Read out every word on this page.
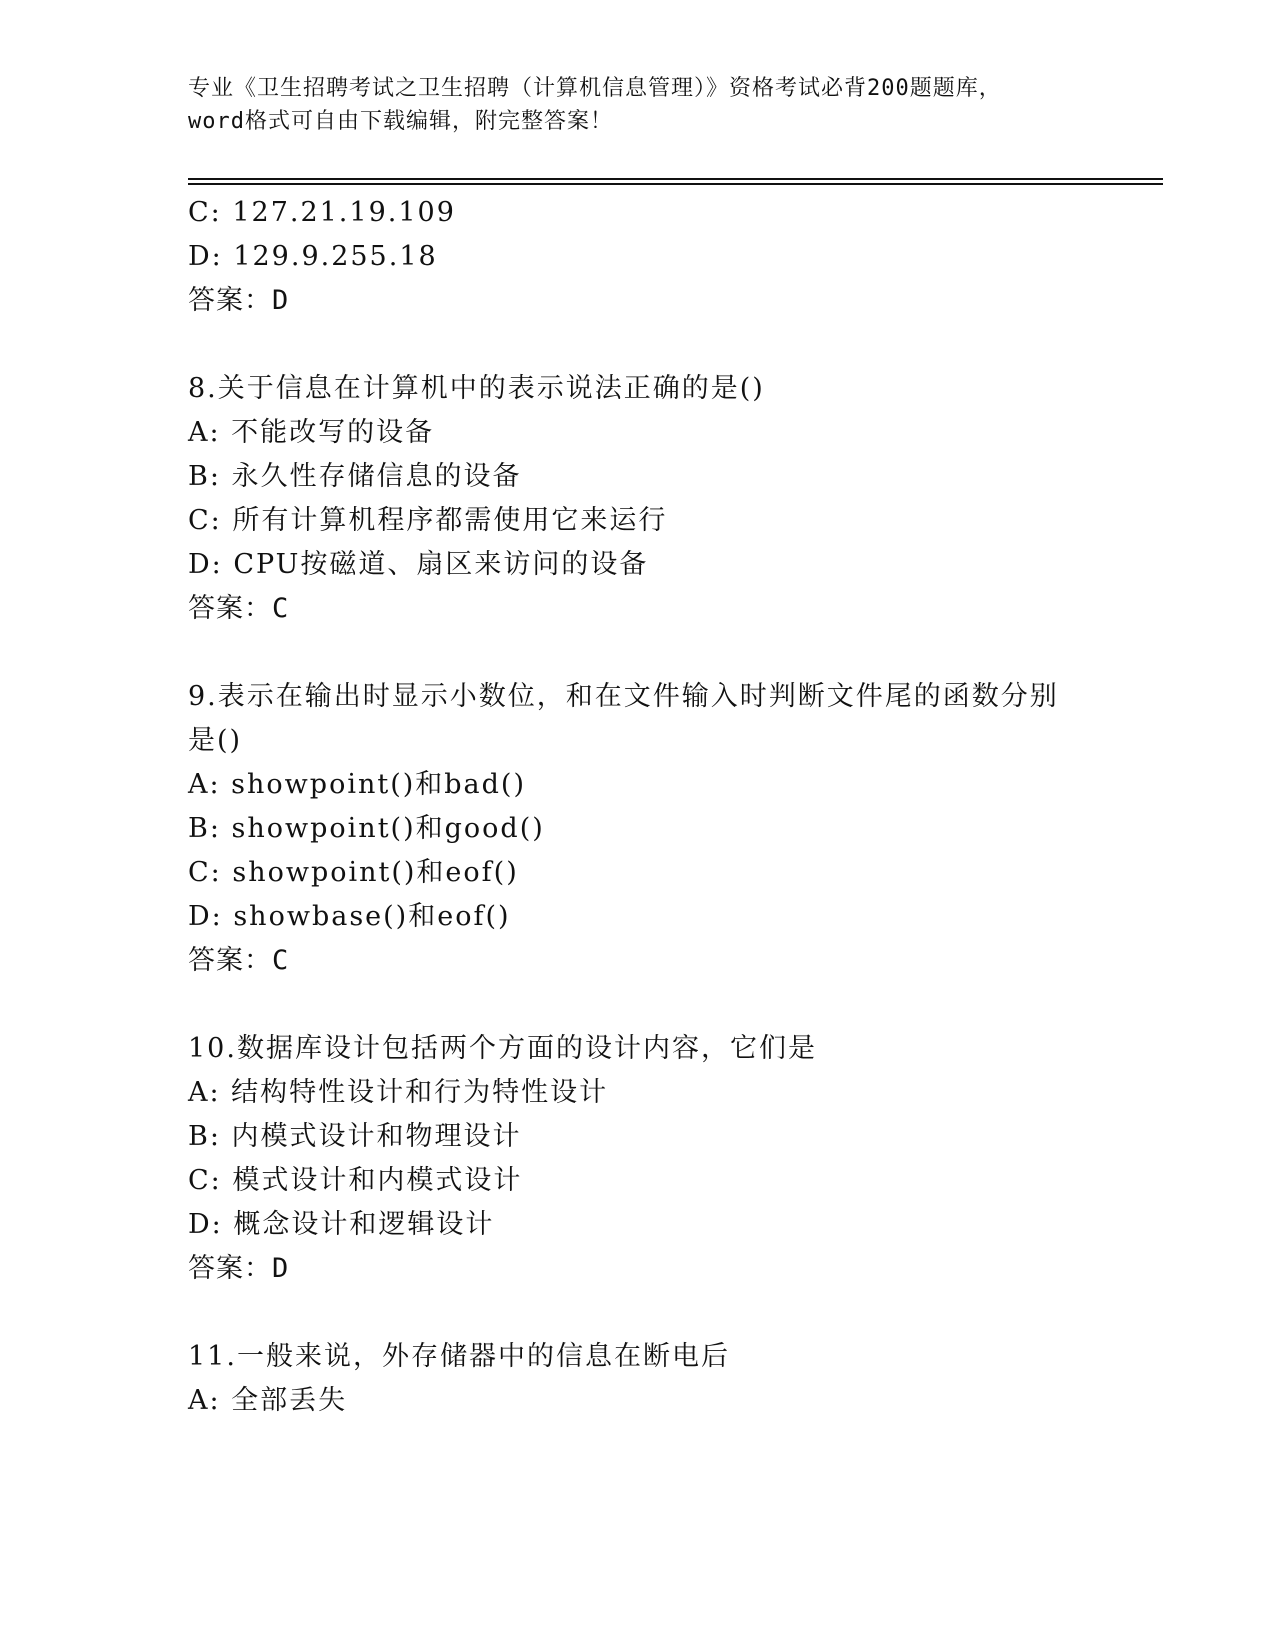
专业《卫生招聘考试之卫生招聘（计算机信息管理）》资格考试必背200题题库，
word格式可自由下载编辑，附完整答案！
C: 127.21.19.109
D: 129.9.255.18
答案：D
8.关于信息在计算机中的表示说法正确的是()
A: 不能改写的设备
B: 永久性存储信息的设备
C: 所有计算机程序都需使用它来运行
D: CPU按磁道、扇区来访问的设备
答案：C
9.表示在输出时显示小数位，和在文件输入时判断文件尾的函数分别
是()
A: showpoint()和bad()
B: showpoint()和good()
C: showpoint()和eof()
D: showbase()和eof()
答案：C
10.数据库设计包括两个方面的设计内容，它们是
A: 结构特性设计和行为特性设计
B: 内模式设计和物理设计
C: 模式设计和内模式设计
D: 概念设计和逻辑设计
答案：D
11.一般来说，外存储器中的信息在断电后
A: 全部丢失
